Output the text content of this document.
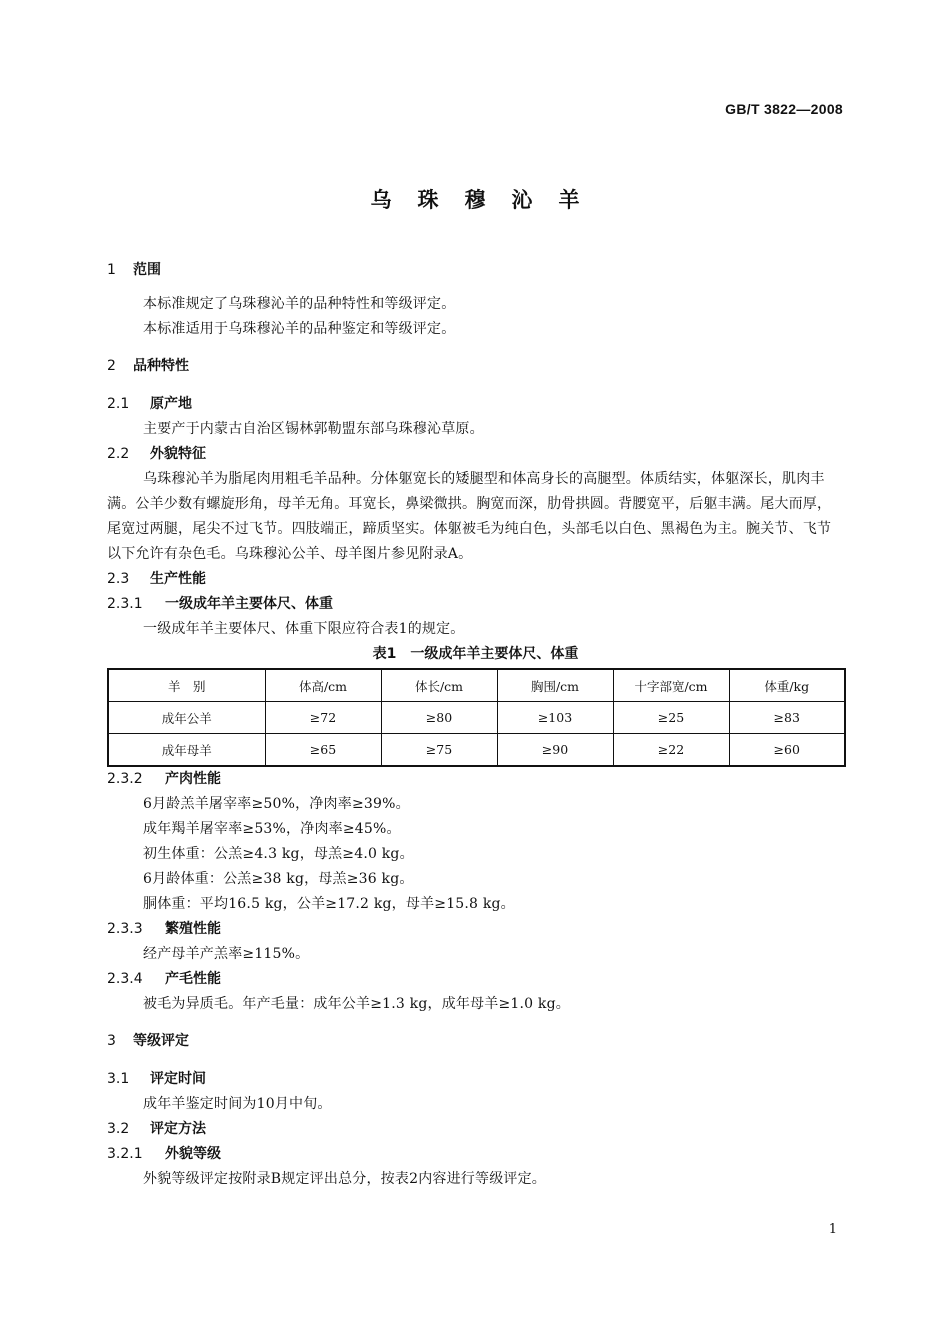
GB/T 3822—2008
乌珠穆沁羊
1 范围
本标准规定了乌珠穆沁羊的品种特性和等级评定。
本标准适用于乌珠穆沁羊的品种鉴定和等级评定。
2 品种特性
2.1 原产地
主要产于内蒙古自治区锡林郭勒盟东部乌珠穆沁草原。
2.2 外貌特征
乌珠穆沁羊为脂尾肉用粗毛羊品种。分体躯宽长的矮腿型和体高身长的高腿型。体质结实，体躯深长，肌肉丰满。公羊少数有螺旋形角，母羊无角。耳宽长，鼻梁微拱。胸宽而深，肋骨拱圆。背腰宽平，后躯丰满。尾大而厚，尾宽过两腿，尾尖不过飞节。四肢端正，蹄质坚实。体躯被毛为纯白色，头部毛以白色、黑褐色为主。腕关节、飞节以下允许有杂色毛。乌珠穆沁公羊、母羊图片参见附录A。
2.3 生产性能
2.3.1 一级成年羊主要体尺、体重
一级成年羊主要体尺、体重下限应符合表1的规定。
表1　一级成年羊主要体尺、体重
羊　别	体高/cm	体长/cm	胸围/cm	十字部宽/cm	体重/kg
成年公羊	≥72	≥80	≥103	≥25	≥83
成年母羊	≥65	≥75	≥90	≥22	≥60
2.3.2 产肉性能
6月龄羔羊屠宰率≥50%，净肉率≥39%。
成年羯羊屠宰率≥53%，净肉率≥45%。
初生体重：公羔≥4.3 kg，母羔≥4.0 kg。
6月龄体重：公羔≥38 kg，母羔≥36 kg。
胴体重：平均16.5 kg，公羊≥17.2 kg，母羊≥15.8 kg。
2.3.3 繁殖性能
经产母羊产羔率≥115%。
2.3.4 产毛性能
被毛为异质毛。年产毛量：成年公羊≥1.3 kg，成年母羊≥1.0 kg。
3 等级评定
3.1 评定时间
成年羊鉴定时间为10月中旬。
3.2 评定方法
3.2.1 外貌等级
外貌等级评定按附录B规定评出总分，按表2内容进行等级评定。
1
